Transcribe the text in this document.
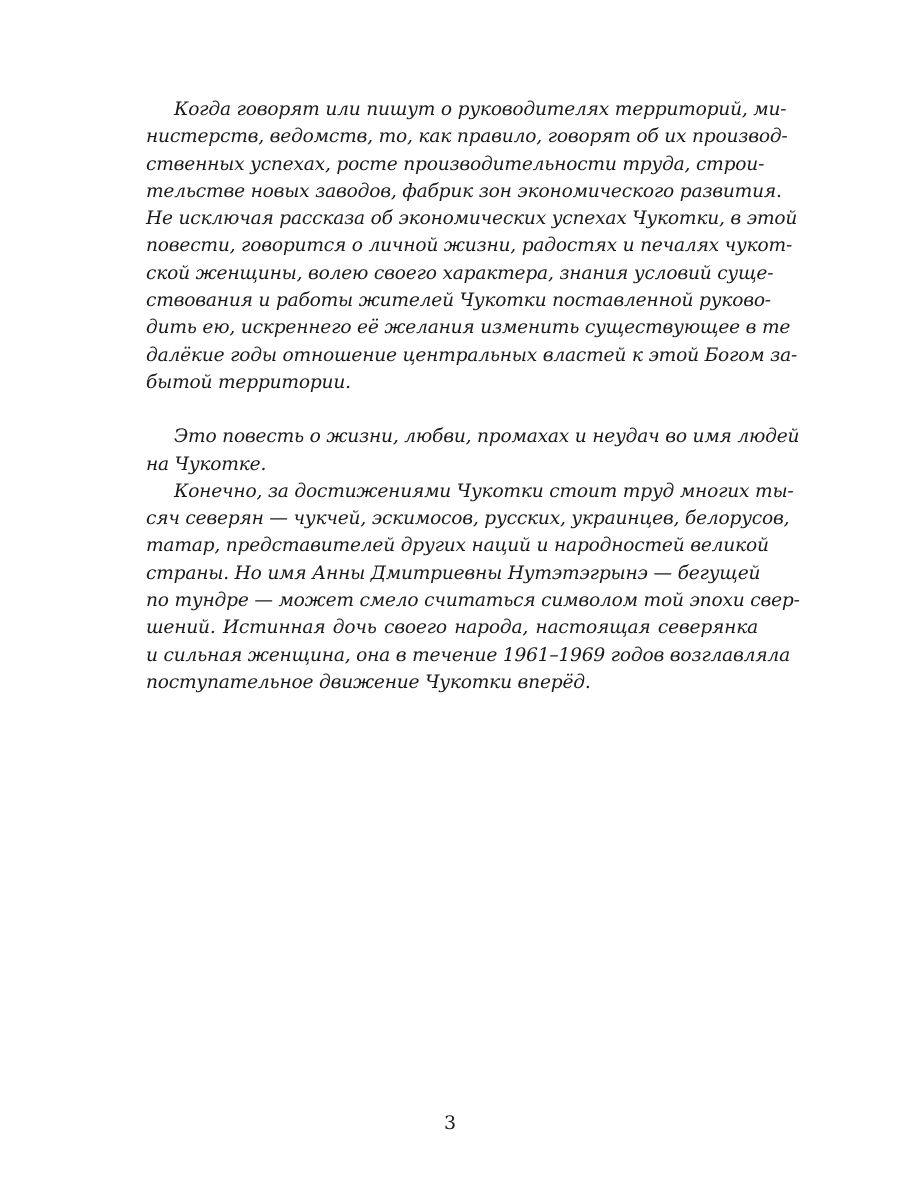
Когда говорят или пишут о руководителях территорий, ми-
нистерств, ведомств, то, как правило, говорят об их производ-
ственных успехах, росте производительности труда, строи-
тельстве новых заводов, фабрик зон экономического развития.
Не исключая рассказа об экономических успехах Чукотки, в этой
повести, говорится о личной жизни, радостях и печалях чукот-
ской женщины, волею своего характера, знания условий суще-
ствования и работы жителей Чукотки поставленной руково-
дить ею, искреннего её желания изменить существующее в те
далёкие годы отношение центральных властей к этой Богом за-
бытой территории.
Это повесть о жизни, любви, промахах и неудач во имя людей
на Чукотке.
Конечно, за достижениями Чукотки стоит труд многих ты-
сяч северян — чукчей, эскимосов, русских, украинцев, белорусов,
татар, представителей других наций и народностей великой
страны. Но имя Анны Дмитриевны Нутэтэгрынэ — бегущей
по тундре — может смело считаться символом той эпохи свер-
шений. Истинная дочь своего народа, настоящая северянка
и сильная женщина, она в течение 1961–1969 годов возглавляла
поступательное движение Чукотки вперёд.
3
